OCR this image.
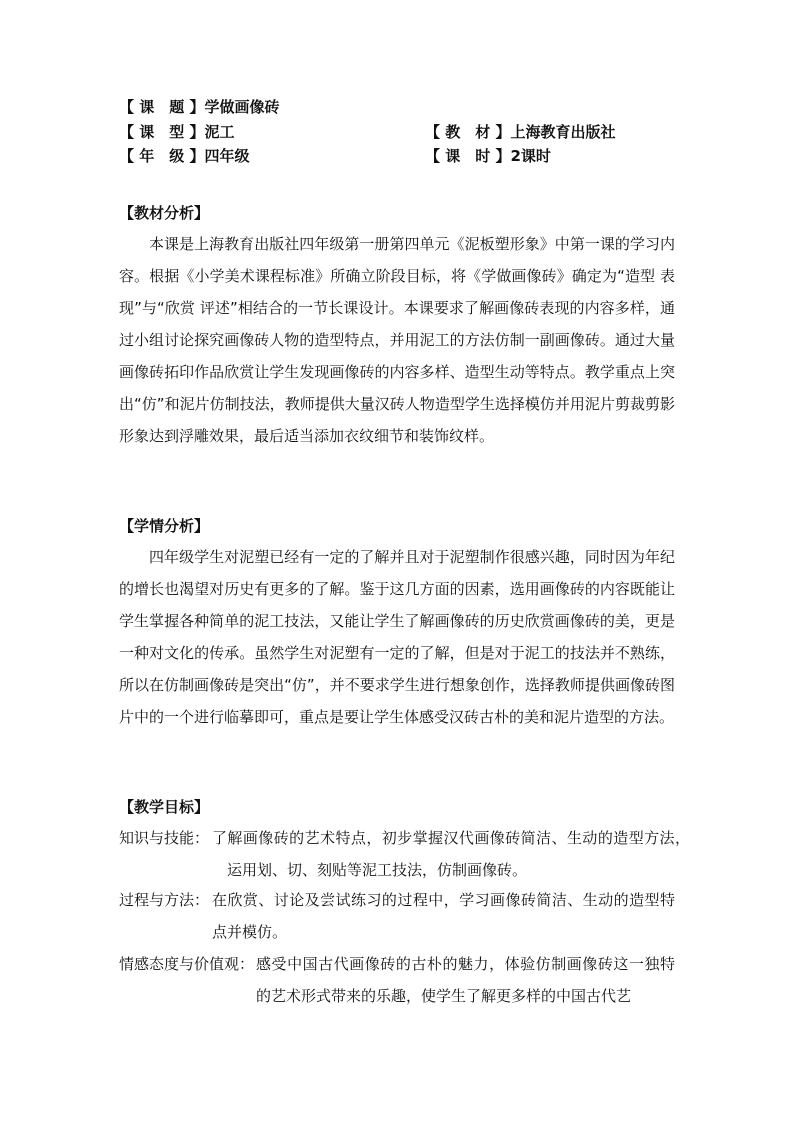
【 课　题 】学做画像砖
【 课　型 】泥工	【 教　材 】上海教育出版社
【 年　级 】四年级	【 课　时 】2课时
【教材分析】

本课是上海教育出版社四年级第一册第四单元《泥板塑形象》中第一课的学习内容。根据《小学美术课程标准》所确立阶段目标，将《学做画像砖》确定为“造型 表现”与“欣赏 评述”相结合的一节长课设计。本课要求了解画像砖表现的内容多样，通过小组讨论探究画像砖人物的造型特点，并用泥工的方法仿制一副画像砖。通过大量画像砖拓印作品欣赏让学生发现画像砖的内容多样、造型生动等特点。教学重点上突出“仿”和泥片仿制技法，教师提供大量汉砖人物造型学生选择模仿并用泥片剪裁剪影形象达到浮雕效果，最后适当添加衣纹细节和装饰纹样。

【学情分析】

四年级学生对泥塑已经有一定的了解并且对于泥塑制作很感兴趣，同时因为年纪的增长也渴望对历史有更多的了解。鉴于这几方面的因素，选用画像砖的内容既能让学生掌握各种简单的泥工技法，又能让学生了解画像砖的历史欣赏画像砖的美，更是一种对文化的传承。虽然学生对泥塑有一定的了解，但是对于泥工的技法并不熟练，所以在仿制画像砖是突出“仿”，并不要求学生进行想象创作，选择教师提供画像砖图片中的一个进行临摹即可，重点是要让学生体感受汉砖古朴的美和泥片造型的方法。

【教学目标】
知识与技能： 了解画像砖的艺术特点，初步掌握汉代画像砖简洁、生动的造型方法，运用划、切、刻贴等泥工技法，仿制画像砖。

过程与方法： 在欣赏、讨论及尝试练习的过程中，学习画像砖简洁、生动的造型特点并模仿。

情感态度与价值观： 感受中国古代画像砖的古朴的魅力，体验仿制画像砖这一独特的艺术形式带来的乐趣，使学生了解更多样的中国古代艺
